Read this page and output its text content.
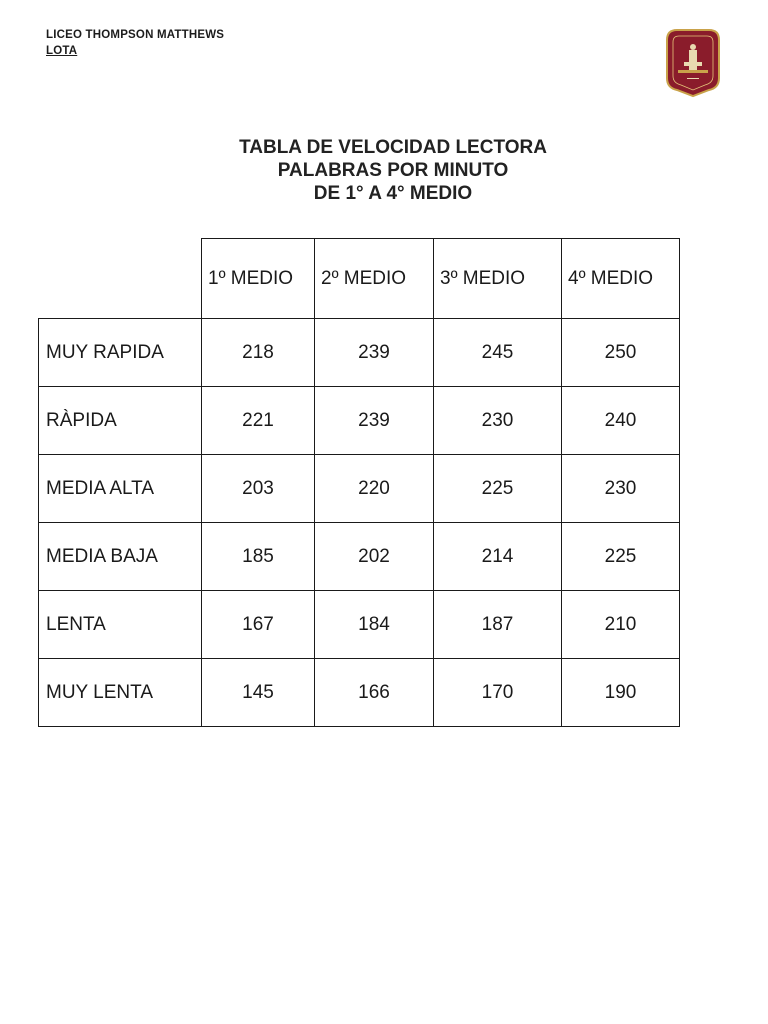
LICEO THOMPSON MATTHEWS
LOTA
TABLA DE VELOCIDAD LECTORA
PALABRAS POR MINUTO
DE 1° A 4° MEDIO
	1º MEDIO	2º MEDIO	3º MEDIO	4º MEDIO
MUY RAPIDA	218	239	245	250
RÀPIDA	221	239	230	240
MEDIA ALTA	203	220	225	230
MEDIA BAJA	185	202	214	225
LENTA	167	184	187	210
MUY LENTA	145	166	170	190
